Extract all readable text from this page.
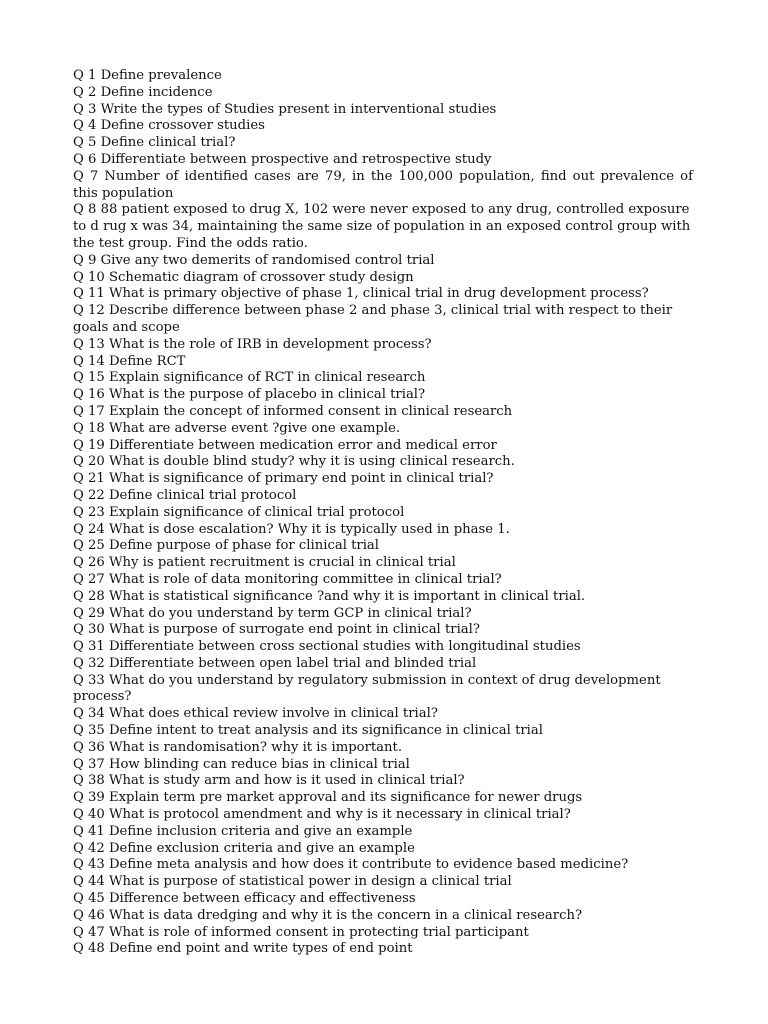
Q 1 Define prevalence
Q 2 Define incidence
Q 3 Write the types of Studies present in interventional studies
Q 4 Define crossover studies
Q 5 Define clinical trial?
Q 6 Differentiate between prospective and retrospective study
Q 7 Number of identified cases are 79, in the 100,000 population, find out prevalence of this population
Q 8 88 patient exposed to drug X, 102 were never exposed to any drug, controlled exposure to d rug x was 34, maintaining the same size of population in an exposed control group with the test group. Find the odds ratio.
Q 9 Give any two demerits of randomised control trial
Q 10 Schematic diagram of crossover study design
Q 11 What is primary objective of phase 1, clinical trial in drug development process?
Q 12 Describe difference between phase 2 and phase 3, clinical trial with respect to their goals and scope
Q 13 What is the role of IRB in development process?
Q 14 Define RCT
Q 15 Explain significance of RCT in clinical research
Q 16 What is the purpose of placebo in clinical trial?
Q 17 Explain the concept of informed consent in clinical research
Q 18 What are adverse event ?give one example.
Q 19 Differentiate between medication error and medical error
Q 20 What is double blind study? why it is using clinical research.
Q 21 What is significance of primary end point in clinical trial?
Q 22 Define clinical trial protocol
Q 23 Explain significance of clinical trial protocol
Q 24 What is dose escalation? Why it is typically used in phase 1.
Q 25 Define purpose of phase for clinical trial
Q 26 Why is patient recruitment is crucial in clinical trial
Q 27 What is role of data monitoring committee in clinical trial?
Q 28 What is statistical significance ?and why it is important in clinical trial.
Q 29 What do you understand by term GCP in clinical trial?
Q 30 What is purpose of surrogate end point in clinical trial?
Q 31 Differentiate between cross sectional studies with longitudinal studies
Q 32 Differentiate between open label trial and blinded trial
Q 33 What do you understand by regulatory submission in context of drug development process?
Q 34 What does ethical review involve in clinical trial?
Q 35 Define intent to treat analysis and its significance in clinical trial
Q 36 What is randomisation? why it is important.
Q 37 How blinding can reduce bias in clinical trial
Q 38 What is study arm and how is it used in clinical trial?
Q 39 Explain term pre market approval and its significance for newer drugs
Q 40 What is protocol amendment and why is it necessary in clinical trial?
Q 41 Define inclusion criteria and give an example
Q 42 Define exclusion criteria and give an example
Q 43 Define meta analysis and how does it contribute to evidence based medicine?
Q 44 What is purpose of statistical power in design a clinical trial
Q 45 Difference between efficacy and effectiveness
Q 46 What is data dredging and why it is the concern in a clinical research?
Q 47 What is role of informed consent in protecting trial participant
Q 48 Define end point and write types of end point
